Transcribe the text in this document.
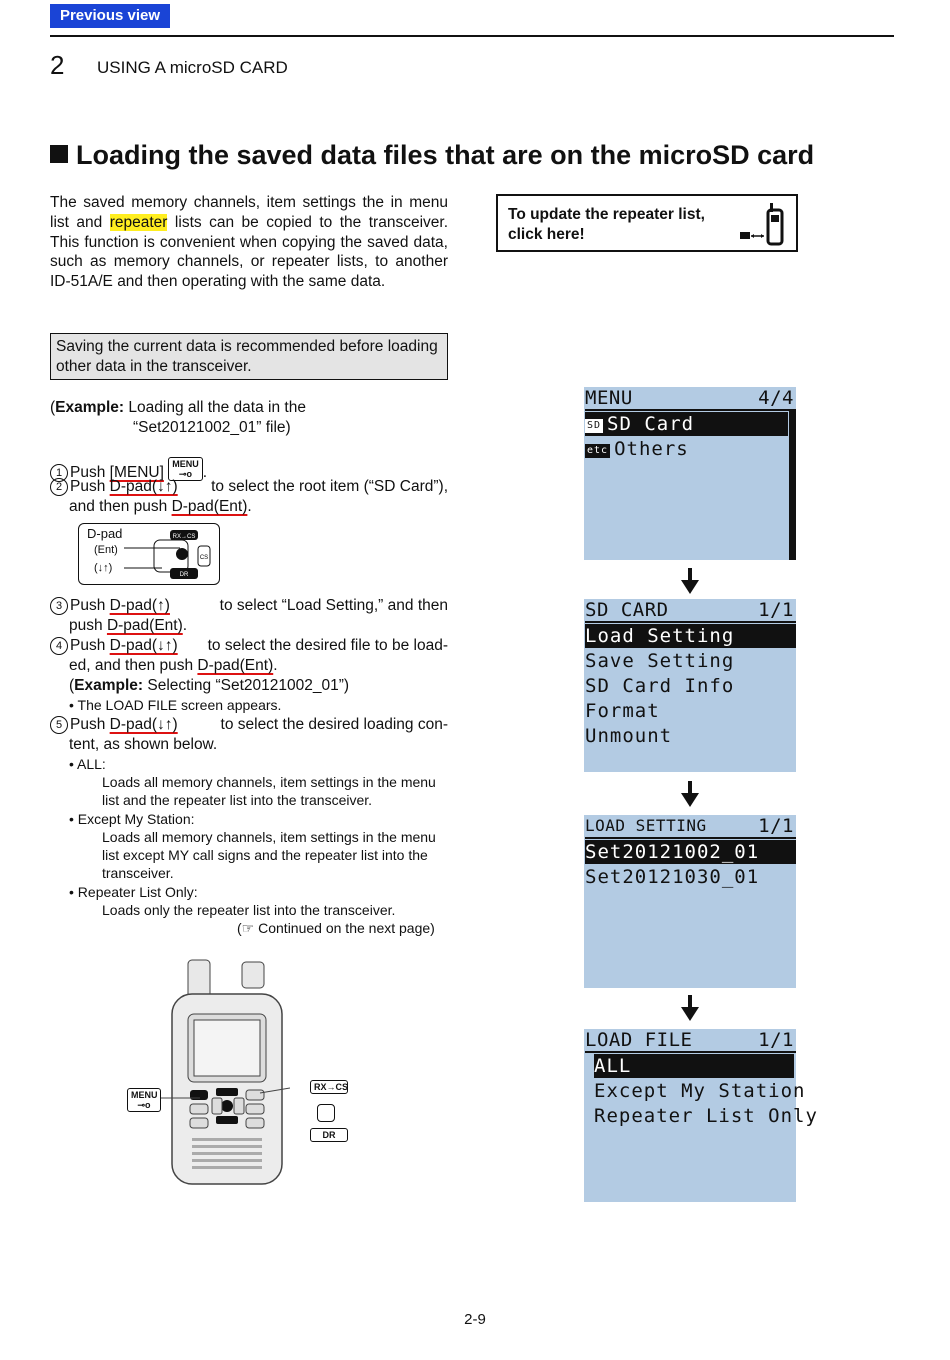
Previous view
2 USING A microSD CARD
Loading the saved data files that are on the microSD card
The saved memory channels, item settings the in menu list and repeater lists can be copied to the transceiver. This function is convenient when copying the saved data, such as memory channels, or repeater lists, to another ID-51A/E and then operating with the same data.
To update the repeater list,
click here!
Saving the current data is recommended before loading other data in the transceiver.
(Example: Loading all the data in the
“Set20121002_01” file)
1 Push [MENU] MENU
⊸o .
2 Push D-pad(↓↑) to select the root item (“SD Card”),
and then push D-pad(Ent).
D-pad
(Ent)
(↓↑)
RX→CS
DR
CS
3 Push D-pad(↑)	to select “Load Setting,” and then
push D-pad(Ent).
4 Push D-pad(↓↑) to select the desired file to be load-
ed, and then push D-pad(Ent).
(Example: Selecting “Set20121002_01”)
• The LOAD FILE screen appears.
5 Push D-pad(↓↑)	to select the desired loading con-
tent, as shown below.
• ALL:
Loads all memory channels, item settings in the menu
list and the repeater list into the transceiver.
• Except My Station:
Loads all memory channels, item settings in the menu
list except MY call signs and the repeater list into the
transceiver.
• Repeater List Only:
Loads only the repeater list into the transceiver.
(☞ Continued on the next page)
MENU
⊸o
RX→CS
DR
MENU	4/4
SD SD Card
etc Others
SD CARD	1/1
Load Setting
Save Setting
SD Card Info
Format
Unmount
LOAD SETTING	1/1
Set20121002_01
Set20121030_01
LOAD FILE	1/1
ALL
Except My Station
Repeater List Only
2-9
